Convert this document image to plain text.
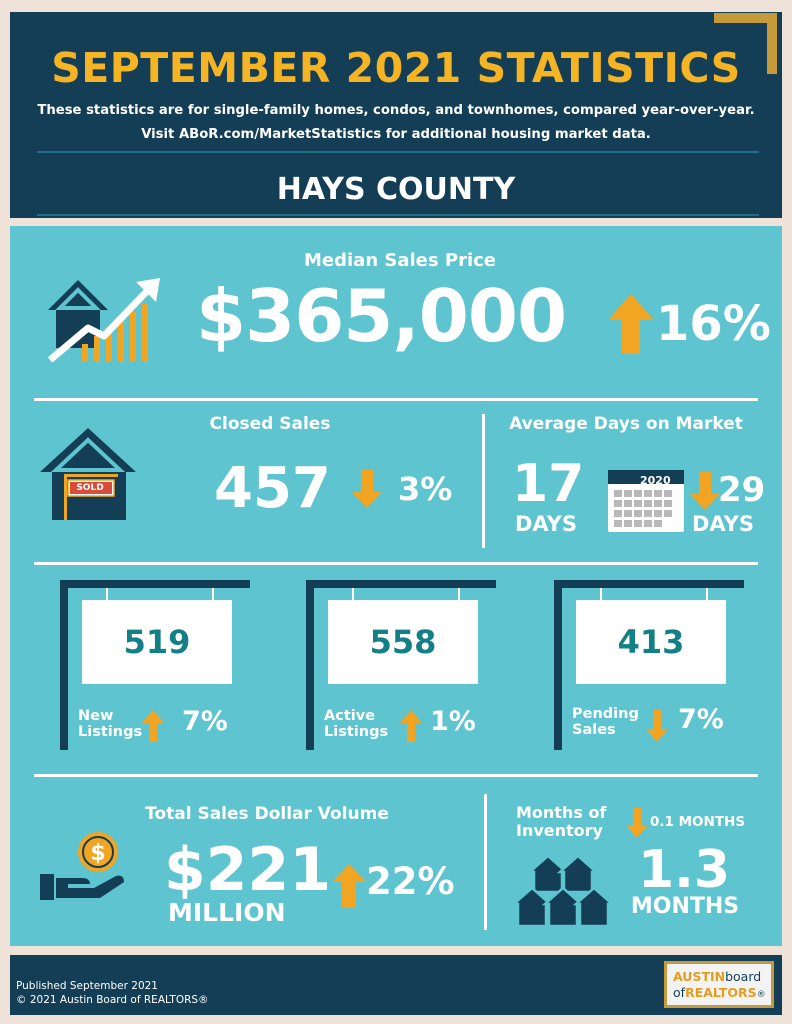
SEPTEMBER 2021 STATISTICS
These statistics are for single-family homes, condos, and townhomes, compared year-over-year.
Visit ABoR.com/MarketStatistics for additional housing market data.
HAYS COUNTY
Median Sales Price
$365,000 16%
Closed Sales
SOLD 457 3%
Average Days on Market
17
DAYS
2020 29
DAYS
519
New
Listings 7%
558
Active
Listings 1%
413
Pending
Sales 7%
Total Sales Dollar Volume
$ $221
MILLION
22%
Months of
Inventory	0.1 MONTHS
1.3
MONTHS
Published September 2021
© 2021 Austin Board of REALTORS®
AUSTINboard
ofREALTORS®
